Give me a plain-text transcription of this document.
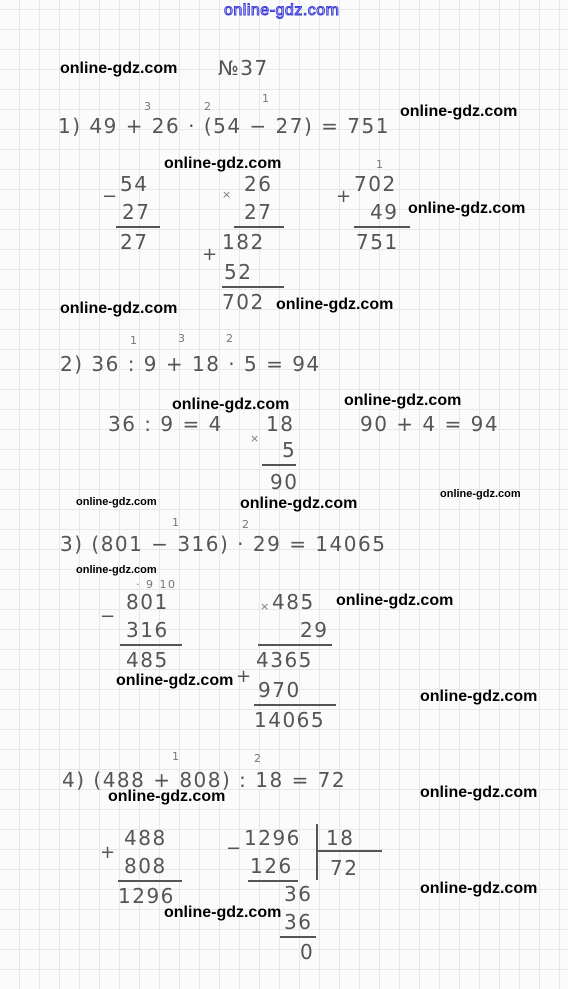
online-gdz.com
online-gdz.com №37
3	2
1
1) 49 + 26 · (54 − 27) = 751
online-gdz.com
online-gdz.com
−
54
27
27
× 26
27
182
+
52
702
1
+
702
49
751
online-gdz.com
online-gdz.com	online-gdz.com
1	3	2
2) 36 : 9 + 18 · 5 = 94
online-gdz.com	online-gdz.com
36 : 9 = 4 18
× 5
90
90 + 4 = 94
online-gdz.com	online-gdz.com
online-gdz.com
1	2
3) (801 − 316) · 29 = 14065
online-gdz.com
· 9 10
−
801
316
485
× 485 online-gdz.com
29
4365
+
970
14065
online-gdz.com
online-gdz.com
1	2
4) (488 + 808) : 18 = 72
online-gdz.com	online-gdz.com
+
488
808
1296
− 1296 18
72
126
36
36
0
online-gdz.com
online-gdz.com
